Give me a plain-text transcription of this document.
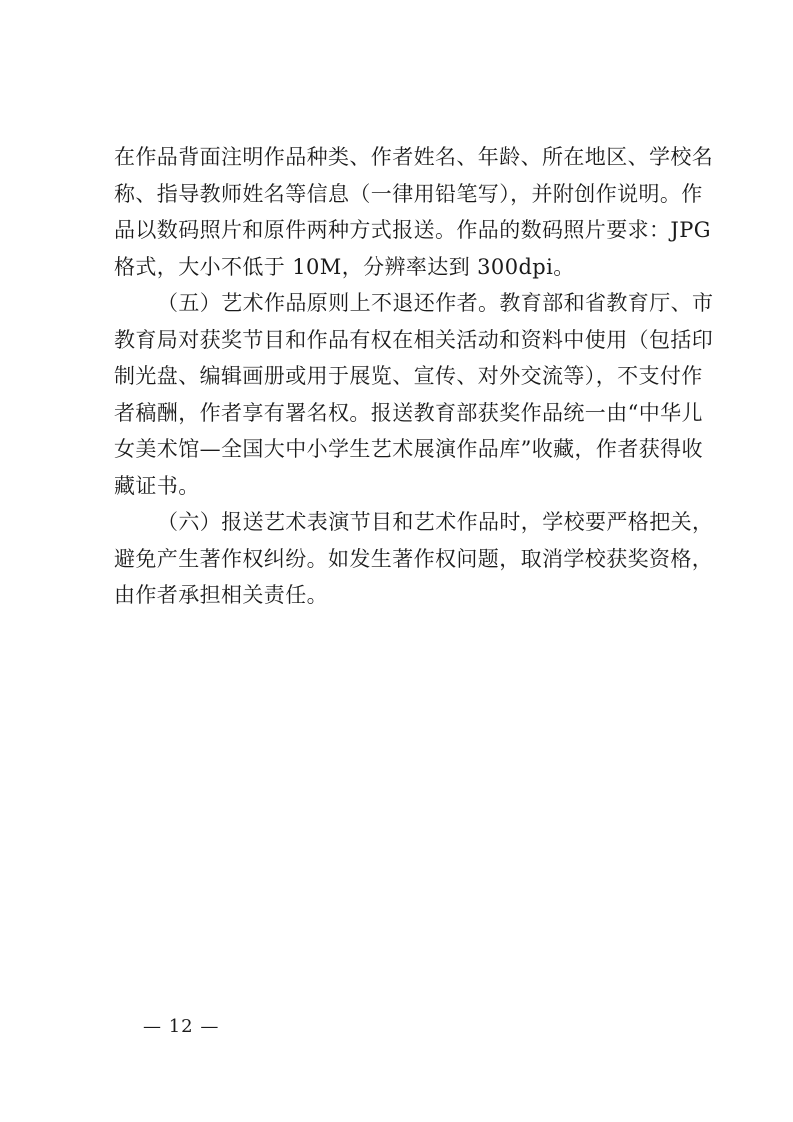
在作品背面注明作品种类、作者姓名、年龄、所在地区、学校名
称、指导教师姓名等信息（一律用铅笔写），并附创作说明。作
品以数码照片和原件两种方式报送。作品的数码照片要求：JPG
格式，大小不低于 10M，分辨率达到 300dpi。

（五）艺术作品原则上不退还作者。教育部和省教育厅、市
教育局对获奖节目和作品有权在相关活动和资料中使用（包括印
制光盘、编辑画册或用于展览、宣传、对外交流等），不支付作
者稿酬，作者享有署名权。报送教育部获奖作品统一由“中华儿
女美术馆—全国大中小学生艺术展演作品库”收藏，作者获得收
藏证书。

（六）报送艺术表演节目和艺术作品时，学校要严格把关，
避免产生著作权纠纷。如发生著作权问题，取消学校获奖资格，
由作者承担相关责任。

— 12 —
